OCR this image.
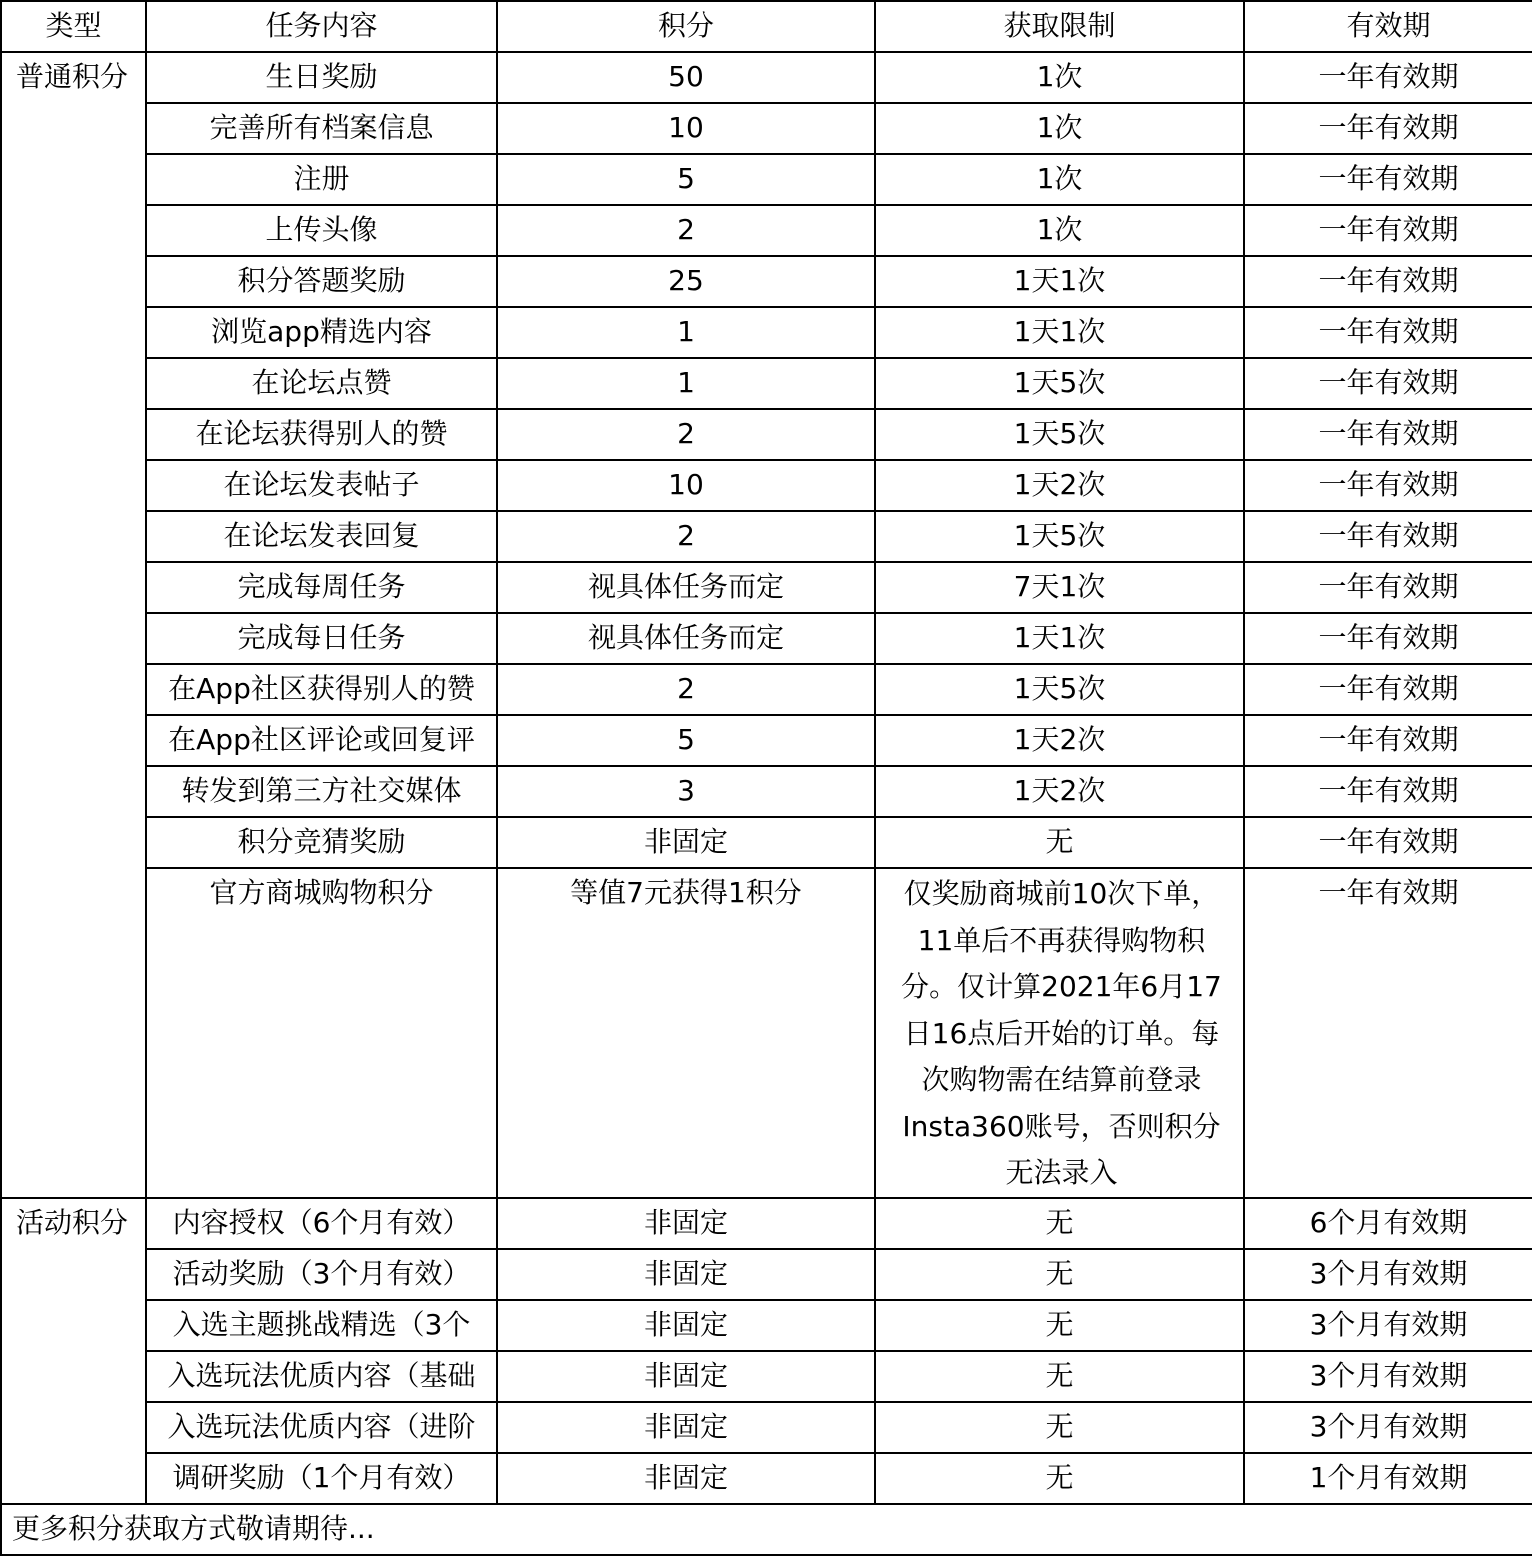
类型	任务内容	积分	获取限制	有效期
普通积分	生日奖励	50	1次	一年有效期
	完善所有档案信息	10	1次	一年有效期
	注册	5	1次	一年有效期
	上传头像	2	1次	一年有效期
	积分答题奖励	25	1天1次	一年有效期
	浏览app精选内容	1	1天1次	一年有效期
	在论坛点赞	1	1天5次	一年有效期
	在论坛获得别人的赞	2	1天5次	一年有效期
	在论坛发表帖子	10	1天2次	一年有效期
	在论坛发表回复	2	1天5次	一年有效期
	完成每周任务	视具体任务而定	7天1次	一年有效期
	完成每日任务	视具体任务而定	1天1次	一年有效期
	在App社区获得别人的赞	2	1天5次	一年有效期
	在App社区评论或回复评	5	1天2次	一年有效期
	转发到第三方社交媒体	3	1天2次	一年有效期
	积分竞猜奖励	非固定	无	一年有效期
	官方商城购物积分	等值7元获得1积分	仅奖励商城前10次下单，11单后不再获得购物积分。仅计算2021年6月17日16点后开始的订单。每次购物需在结算前登录Insta360账号，否则积分无法录入	一年有效期
活动积分	内容授权（6个月有效）	非固定	无	6个月有效期
	活动奖励（3个月有效）	非固定	无	3个月有效期
	入选主题挑战精选（3个	非固定	无	3个月有效期
	入选玩法优质内容（基础	非固定	无	3个月有效期
	入选玩法优质内容（进阶	非固定	无	3个月有效期
	调研奖励（1个月有效）	非固定	无	1个月有效期
更多积分获取方式敬请期待...				
